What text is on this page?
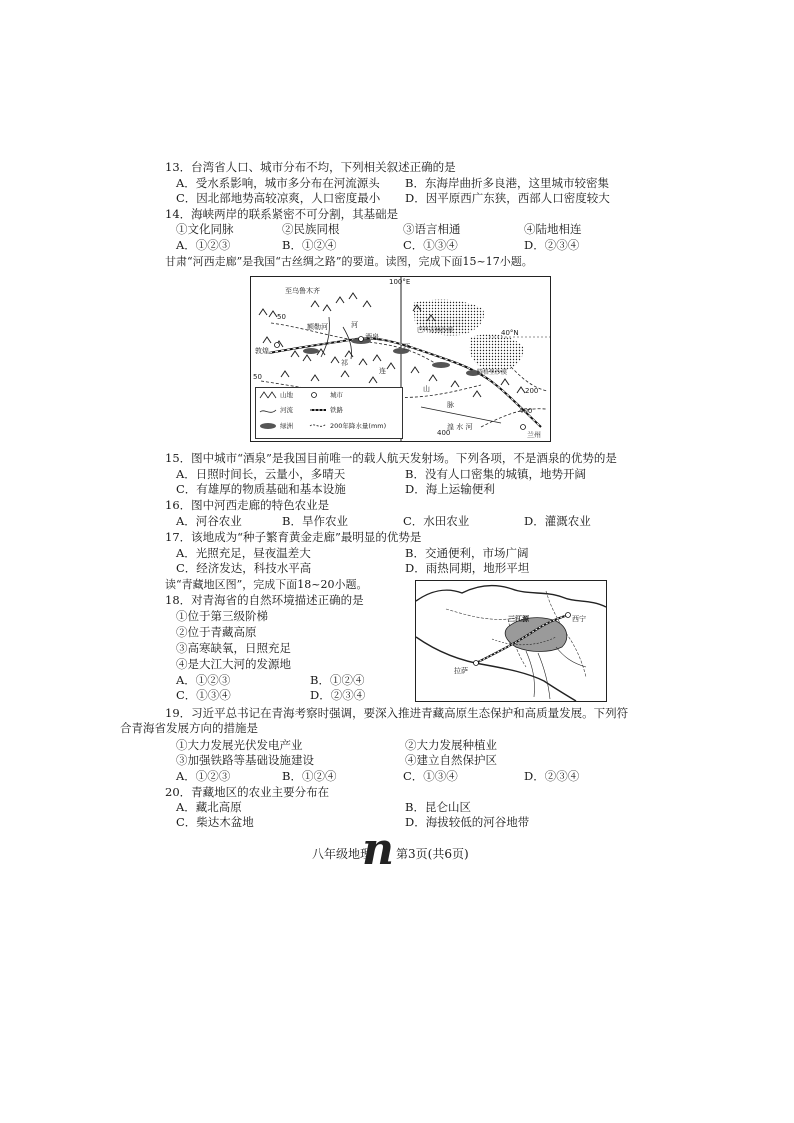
13．台湾省人口、城市分布不均，下列相关叙述正确的是
A．受水系影响，城市多分布在河流源头 B．东海岸曲折多良港，这里城市较密集
C．因北部地势高较凉爽，人口密度最小 D．因平原西广东狭，西部人口密度较大
14．海峡两岸的联系紧密不可分割，其基础是
①文化同脉	②民族同根	③语言相通	④陆地相连
A．①②③	B．①②④	C．①③④	D．②③④
甘肃“河西走廊”是我国“古丝绸之路”的要道。读图，完成下面15~17小题。
100°E
40°N
至乌鲁木齐
额勒河	河
酒泉
西
敦煌
祁
连
山
脉
巴丹吉林沙漠
腾格里沙漠
湟 水 河
兰州
50
50
200
400
400
山地	城市
河流	铁路
绿洲	200年降水量(mm)
15．图中城市“酒泉”是我国目前唯一的载人航天发射场。下列各项，不是酒泉的优势的是
A．日照时间长，云量小，多晴天	B．没有人口密集的城镇，地势开阔
C．有雄厚的物质基础和基本设施	D．海上运输便利
16．图中河西走廊的特色农业是
A．河谷农业	B．旱作农业	C．水田农业	D．灌溉农业
17．该地成为“种子繁育黄金走廊”最明显的优势是
A．光照充足，昼夜温差大	B．交通便利，市场广阔
C．经济发达，科技水平高	D．雨热同期，地形平坦
读“青藏地区图”，完成下面18~20小题。
三江源	西宁
拉萨
18．对青海省的自然环境描述正确的是
①位于第三级阶梯
②位于青藏高原
③高寒缺氧，日照充足
④是大江大河的发源地
A．①②③	B．①②④
C．①③④	D．②③④
19．习近平总书记在青海考察时强调，要深入推进青藏高原生态保护和高质量发展。下列符合青海省发展方向的措施是
①大力发展光伏发电产业	②大力发展种植业
③加强铁路等基础设施建设	④建立自然保护区
A．①②③	B．①②④	C．①③④	D．②③④
20．青藏地区的农业主要分布在
A．藏北高原	B．昆仑山区
C．柴达木盆地	D．海拔较低的河谷地带
八年级地理 第3页(共6页)
n
